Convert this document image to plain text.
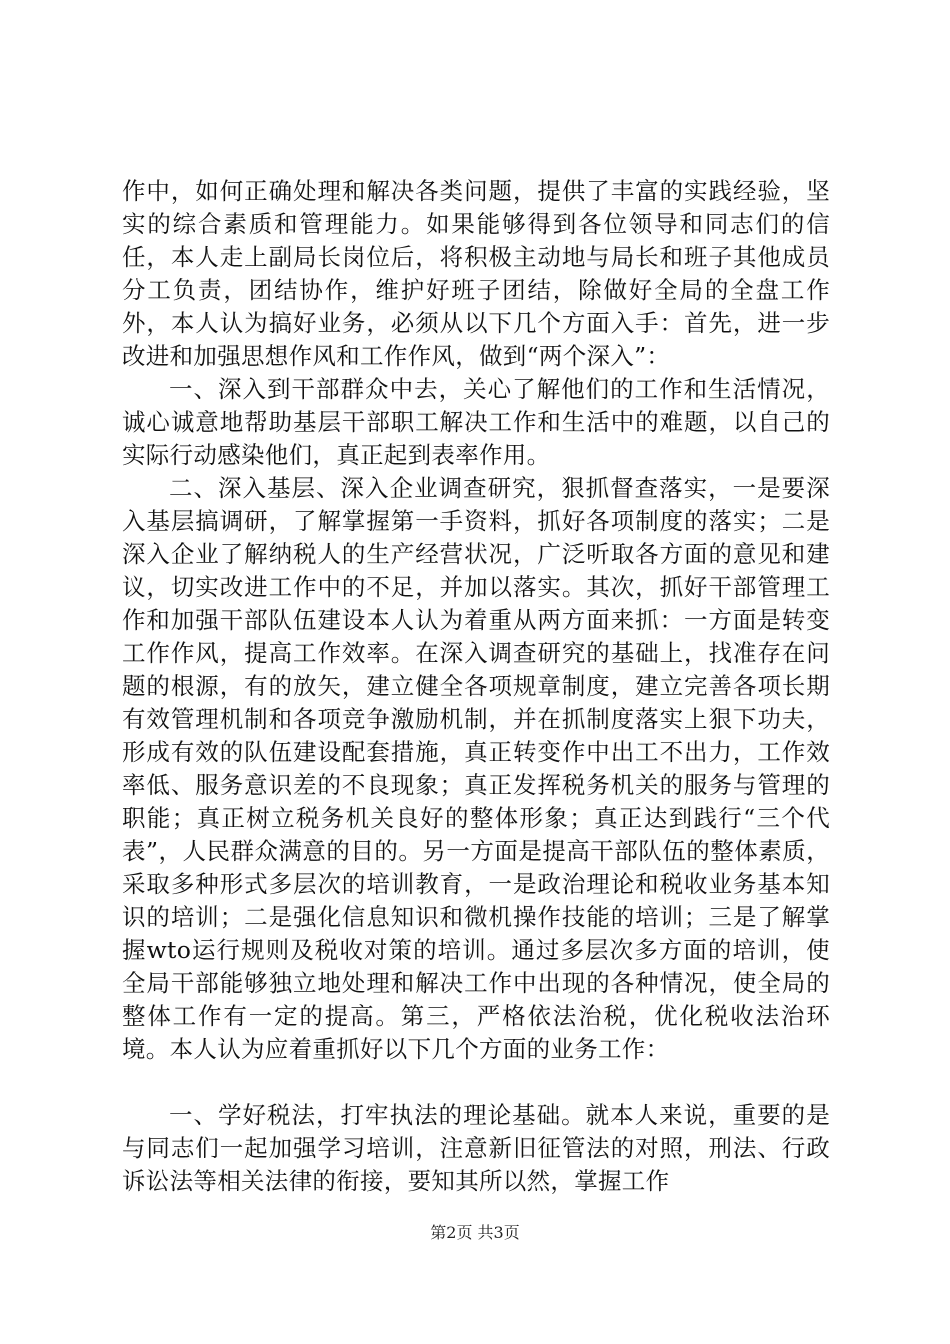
作中，如何正确处理和解决各类问题，提供了丰富的实践经验，坚实的综合素质和管理能力。如果能够得到各位领导和同志们的信任，本人走上副局长岗位后，将积极主动地与局长和班子其他成员分工负责，团结协作，维护好班子团结，除做好全局的全盘工作外，本人认为搞好业务，必须从以下几个方面入手：首先，进一步改进和加强思想作风和工作作风，做到“两个深入”：

一、深入到干部群众中去，关心了解他们的工作和生活情况，诚心诚意地帮助基层干部职工解决工作和生活中的难题，以自己的实际行动感染他们，真正起到表率作用。

二、深入基层、深入企业调查研究，狠抓督查落实，一是要深入基层搞调研，了解掌握第一手资料，抓好各项制度的落实；二是深入企业了解纳税人的生产经营状况，广泛听取各方面的意见和建议，切实改进工作中的不足，并加以落实。其次，抓好干部管理工作和加强干部队伍建设本人认为着重从两方面来抓：一方面是转变工作作风，提高工作效率。在深入调查研究的基础上，找准存在问题的根源，有的放矢，建立健全各项规章制度，建立完善各项长期有效管理机制和各项竞争激励机制，并在抓制度落实上狠下功夫，形成有效的队伍建设配套措施，真正转变作中出工不出力，工作效率低、服务意识差的不良现象；真正发挥税务机关的服务与管理的职能；真正树立税务机关良好的整体形象；真正达到践行“三个代表”，人民群众满意的目的。另一方面是提高干部队伍的整体素质，采取多种形式多层次的培训教育，一是政治理论和税收业务基本知识的培训；二是强化信息知识和微机操作技能的培训；三是了解掌握wto运行规则及税收对策的培训。通过多层次多方面的培训，使全局干部能够独立地处理和解决工作中出现的各种情况，使全局的整体工作有一定的提高。第三，严格依法治税，优化税收法治环境。本人认为应着重抓好以下几个方面的业务工作：

一、学好税法，打牢执法的理论基础。就本人来说，重要的是与同志们一起加强学习培训，注意新旧征管法的对照，刑法、行政诉讼法等相关法律的衔接，要知其所以然，掌握工作

第2页 共3页
